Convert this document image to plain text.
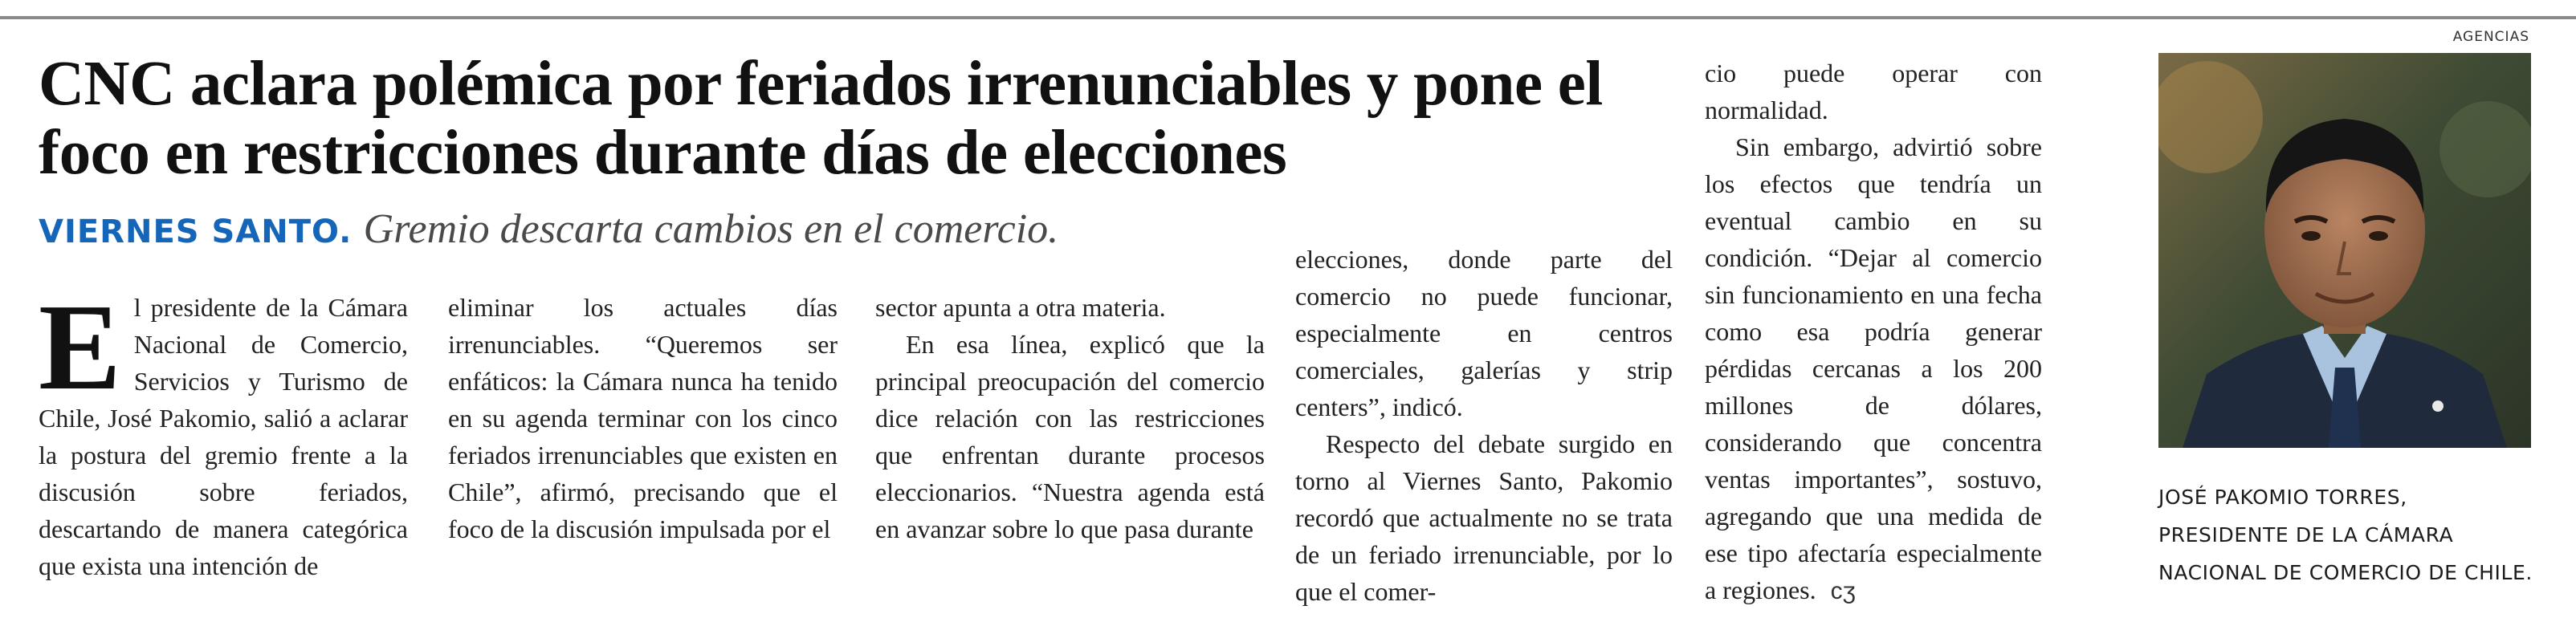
AGENCIAS
CNC aclara polémica por feriados irrenunciables y pone el foco en restricciones durante días de elecciones
VIERNES SANTO. Gremio descarta cambios en el comercio.

El presidente de la Cámara Nacional de Comercio, Servicios y Turismo de Chile, José Pakomio, salió a aclarar la postura del gremio frente a la discusión sobre feriados, descartando de manera categórica que exista una intención de

eliminar los actuales días irrenunciables. “Queremos ser enfáticos: la Cámara nunca ha tenido en su agenda terminar con los cinco feriados irrenunciables que existen en Chile”, afirmó, precisando que el foco de la discusión impulsada por el

sector apunta a otra materia.

En esa línea, explicó que la principal preocupación del comercio dice relación con las restricciones que enfrentan durante procesos eleccionarios. “Nuestra agenda está en avanzar sobre lo que pasa durante

elecciones, donde parte del comercio no puede funcionar, especialmente en centros comerciales, galerías y strip centers”, indicó.

Respecto del debate surgido en torno al Viernes Santo, Pakomio recordó que actualmente no se trata de un feriado irrenunciable, por lo que el comer-

cio puede operar con normalidad.

Sin embargo, advirtió sobre los efectos que tendría un eventual cambio en su condición. “Dejar al comercio sin funcionamiento en una fecha como esa podría generar pérdidas cercanas a los 200 millones de dólares, considerando que concentra ventas importantes”, sostuvo, agregando que una medida de ese tipo afectaría especialmente a regiones. ᴄʒ

JOSÉ PAKOMIO TORRES, PRESIDENTE DE LA CÁMARA NACIONAL DE COMERCIO DE CHILE.
